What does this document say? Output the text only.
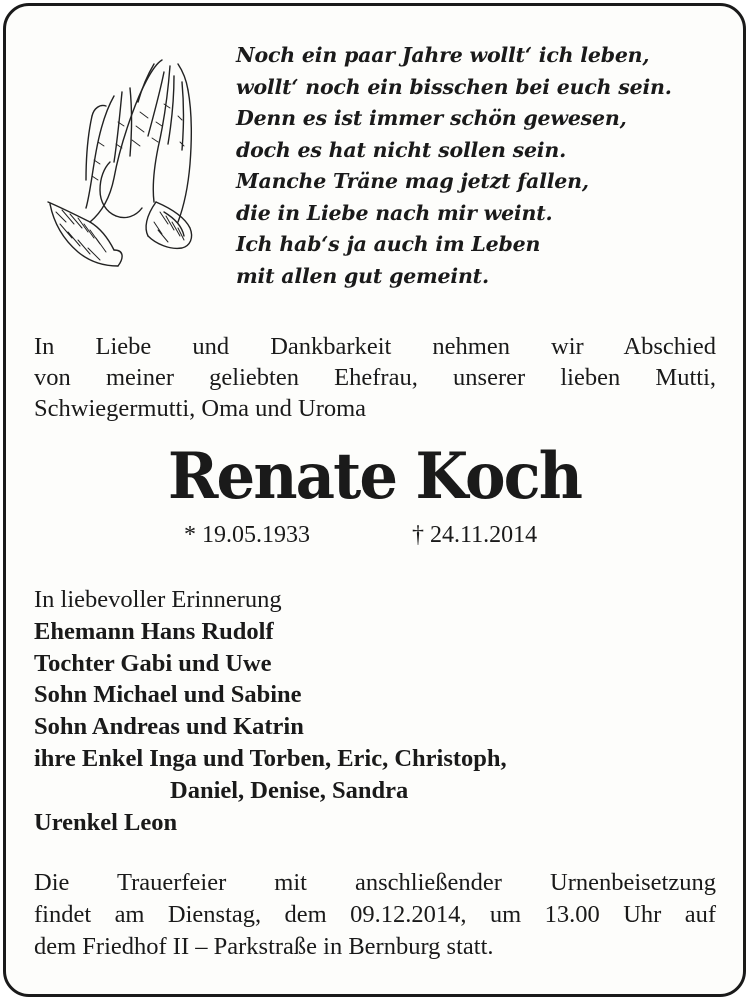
Noch ein paar Jahre wollt‘ ich leben,
wollt‘ noch ein bisschen bei euch sein.
Denn es ist immer schön gewesen,
doch es hat nicht sollen sein.
Manche Träne mag jetzt fallen,
die in Liebe nach mir weint.
Ich hab‘s ja auch im Leben
mit allen gut gemeint.
In Liebe und Dankbarkeit nehmen wir Abschied
von meiner geliebten Ehefrau, unserer lieben Mutti,
Schwiegermutti, Oma und Uroma
Renate Koch
* 19.05.1933	† 24.11.2014
In liebevoller Erinnerung
Ehemann Hans Rudolf
Tochter Gabi und Uwe
Sohn Michael und Sabine
Sohn Andreas und Katrin
ihre Enkel Inga und Torben, Eric, Christoph,
Daniel, Denise, Sandra
Urenkel Leon
Die Trauerfeier mit anschließender Urnenbeisetzung
findet am Dienstag, dem 09.12.2014, um 13.00 Uhr auf
dem Friedhof II – Parkstraße in Bernburg statt.
